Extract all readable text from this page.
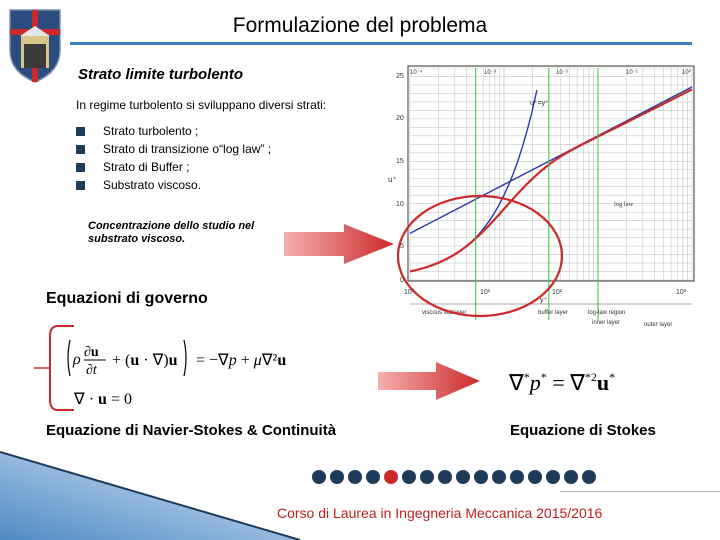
Formulazione del problema
Strato limite turbolento
In regime turbolento si sviluppano diversi strati:
Strato turbolento ;
Strato di transizione o“log law” ;
Strato di Buffer ;
Substrato viscoso.
Concentrazione dello studio nel
substrato viscoso.
10⁻⁴	10⁻³	10⁻²	10⁻¹	10⁰
25
20
15
10
5
0
u⁺
10⁰	10¹	10²	10³
y⁺
u⁺=y⁺
log law
viscous sublayer	buffer layer	log-law region
inner layer	outer layer
Equazioni di governo
ρ ∂u
∂t
+ (u · ∇)u = −∇p + μ∇²u
∇ · u = 0
∇*p* = ∇$^{*2}$u*
Equazione di Navier-Stokes & Continuità	Equazione di Stokes
Corso di Laurea in Ingegneria Meccanica 2015/2016
